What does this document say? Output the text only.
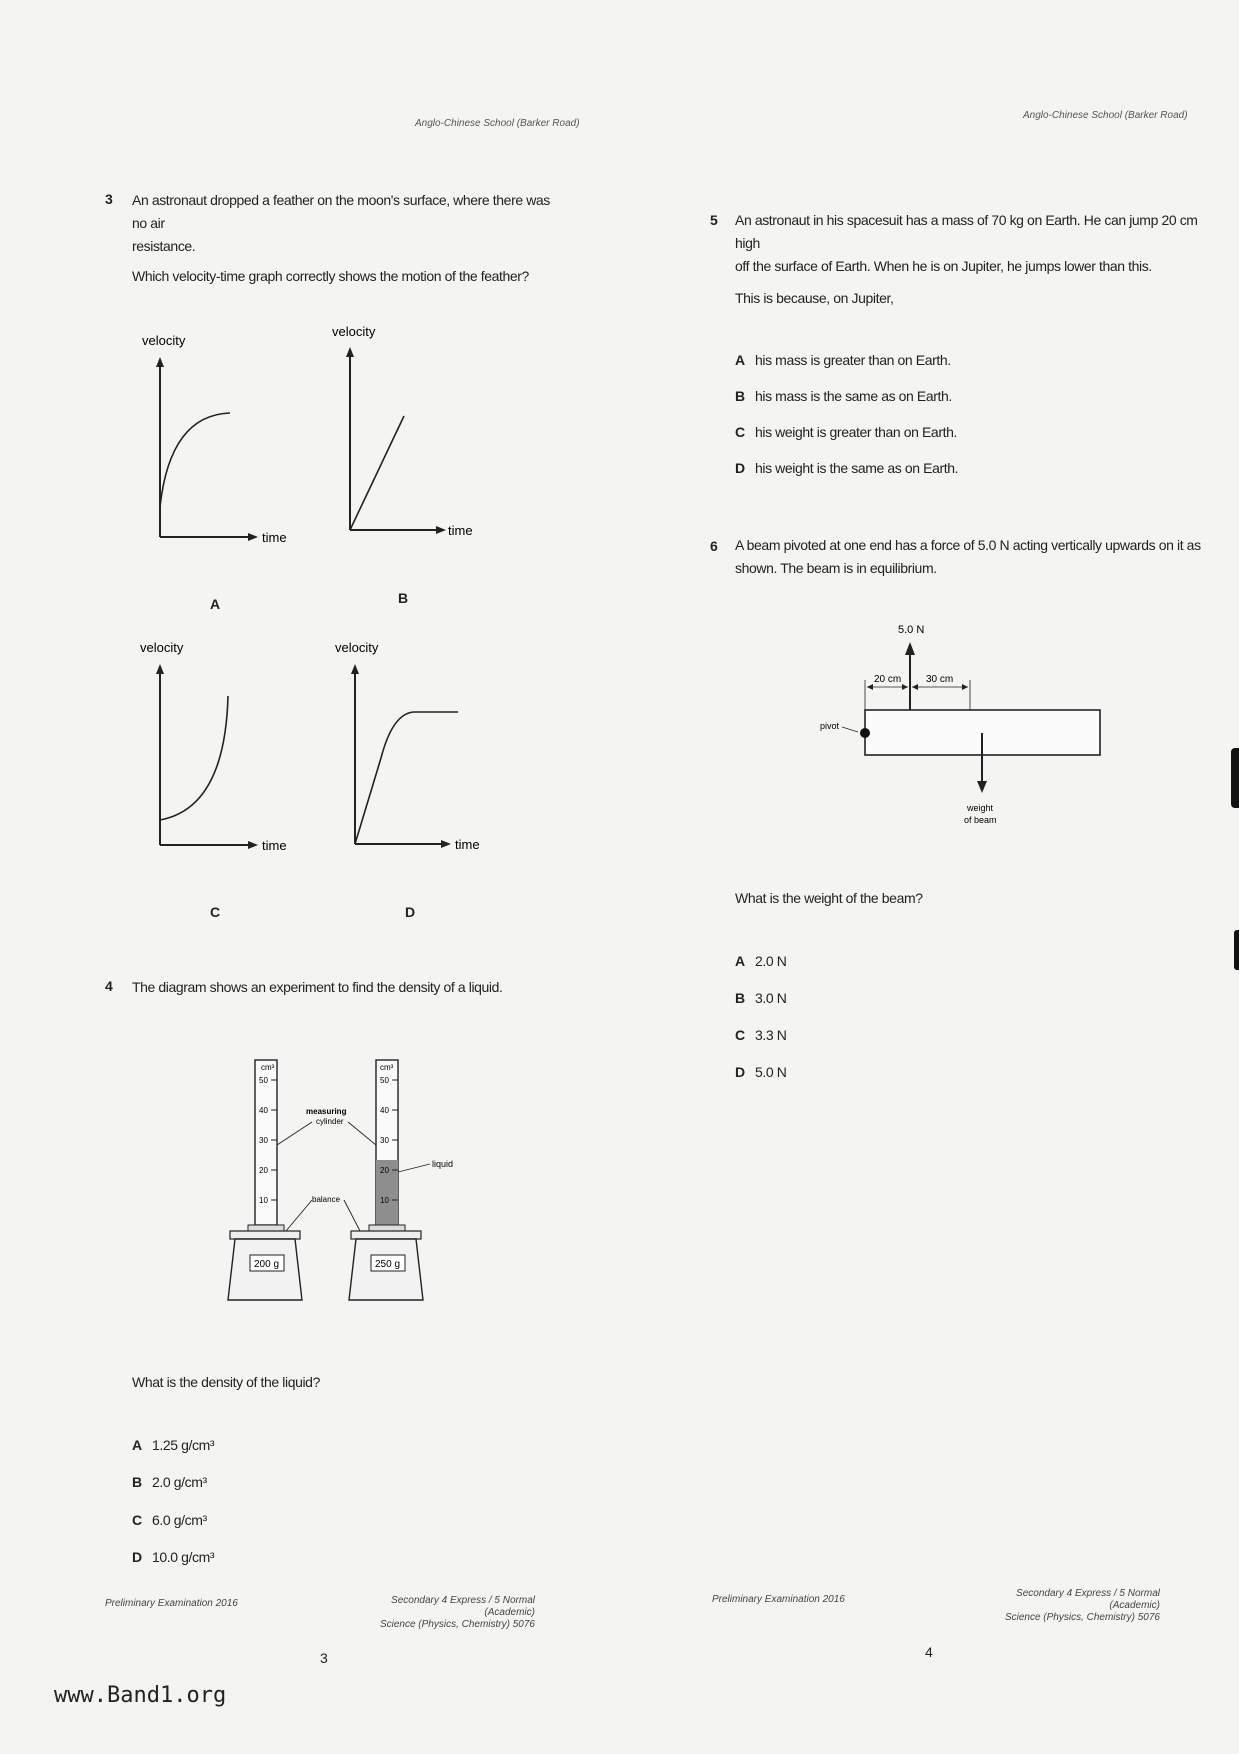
Anglo-Chinese School (Barker Road)
3 An astronaut dropped a feather on the moon's surface, where there was no air
resistance.
Which velocity-time graph correctly shows the motion of the feather?
velocity
time
A
velocity
time
B
velocity
time
C
velocity
time
D
4 The diagram shows an experiment to find the density of a liquid.
cm³
50
40
30
20
10
200 g
cm³
50
40
30
20
10
250 g
measuring
cylinder
liquid
balance
What is the density of the liquid?
A 1.25 g/cm³
B 2.0 g/cm³
C 6.0 g/cm³
D 10.0 g/cm³
Preliminary Examination 2016	Secondary 4 Express / 5 Normal (Academic)
Science (Physics, Chemistry) 5076
3
www.Band1.org
Anglo-Chinese School (Barker Road)
5 An astronaut in his spacesuit has a mass of 70 kg on Earth. He can jump 20 cm high
off the surface of Earth. When he is on Jupiter, he jumps lower than this.
This is because, on Jupiter,
A his mass is greater than on Earth.
B his mass is the same as on Earth.
C his weight is greater than on Earth.
D his weight is the same as on Earth.
6 A beam pivoted at one end has a force of 5.0 N acting vertically upwards on it as
shown. The beam is in equilibrium.
5.0 N
20 cm 30 cm
pivot
weight
of beam
What is the weight of the beam?
A 2.0 N
B 3.0 N
C 3.3 N
D 5.0 N
Preliminary Examination 2016
Secondary 4 Express / 5 Normal (Academic)
Science (Physics, Chemistry) 5076
4
